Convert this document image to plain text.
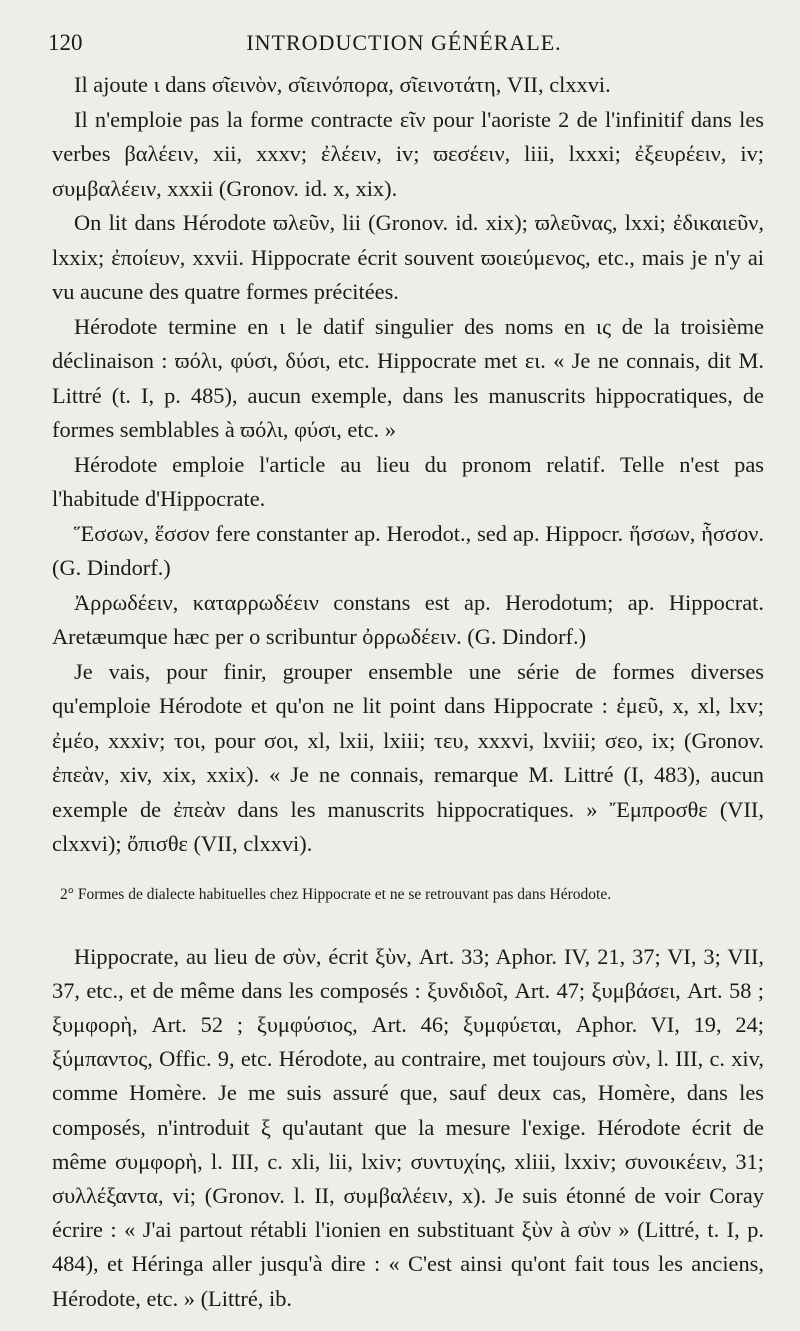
120	INTRODUCTION GÉNÉRALE.

Il ajoute ι dans σῖεινὸν, σῖεινόπορα, σῖεινοτάτη, VII, clxxvi.

Il n'emploie pas la forme contracte εῖν pour l'aoriste 2 de l'infinitif dans les verbes βαλέειν, xii, xxxv; ἐλέειν, iv; ϖεσέειν, liii, lxxxi; ἐξευρέειν, iv; συμβαλέειν, xxxii (Gronov. id. x, xix).

On lit dans Hérodote ϖλεῦν, lii (Gronov. id. xix); ϖλεῦνας, lxxi; ἐδικαιεῦν, lxxix; ἐποίευν, xxvii. Hippocrate écrit souvent ϖοιεύμενος, etc., mais je n'y ai vu aucune des quatre formes précitées.

Hérodote termine en ι le datif singulier des noms en ις de la troisième déclinaison : ϖόλι, φύσι, δύσι, etc. Hippocrate met ει. « Je ne connais, dit M. Littré (t. I, p. 485), aucun exemple, dans les manuscrits hippocratiques, de formes semblables à ϖόλι, φύσι, etc. »

Hérodote emploie l'article au lieu du pronom relatif. Telle n'est pas l'habitude d'Hippocrate.

Ἕσσων, ἕσσον fere constanter ap. Herodot., sed ap. Hippocr. ἥσσων, ἧσσον. (G. Dindorf.)

Ἀρρωδέειν, καταρρωδέειν constans est ap. Herodotum; ap. Hippocrat. Aretæumque hæc per ο scribuntur ὀρρωδέειν. (G. Dindorf.)

Je vais, pour finir, grouper ensemble une série de formes diverses qu'emploie Hérodote et qu'on ne lit point dans Hippocrate : ἐμεῦ, x, xl, lxv; ἐμέο, xxxiv; τοι, pour σοι, xl, lxii, lxiii; τευ, xxxvi, lxviii; σεο, ix; (Gronov. ἐπεὰν, xiv, xix, xxix). « Je ne connais, remarque M. Littré (I, 483), aucun exemple de ἐπεὰν dans les manuscrits hippocratiques. » Ἔμπροσθε (VII, clxxvi); ὄπισθε (VII, clxxvi).

2° Formes de dialecte habituelles chez Hippocrate et ne se retrouvant pas dans Hérodote.

Hippocrate, au lieu de σὺν, écrit ξὺν, Art. 33; Aphor. IV, 21, 37; VI, 3; VII, 37, etc., et de même dans les composés : ξυνδιδοῖ, Art. 47; ξυμβάσει, Art. 58 ; ξυμφορὴ, Art. 52 ; ξυμφύσιος, Art. 46; ξυμφύεται, Aphor. VI, 19, 24; ξύμπαντος, Offic. 9, etc. Hérodote, au contraire, met toujours σὺν, l. III, c. xiv, comme Homère. Je me suis assuré que, sauf deux cas, Homère, dans les composés, n'introduit ξ qu'autant que la mesure l'exige. Hérodote écrit de même συμφορὴ, l. III, c. xli, lii, lxiv; συντυχίης, xliii, lxxiv; συνοικέειν, 31; συλλέξαντα, vi; (Gronov. l. II, συμβαλέειν, x). Je suis étonné de voir Coray écrire : « J'ai partout rétabli l'ionien en substituant ξὺν à σὺν » (Littré, t. I, p. 484), et Héringa aller jusqu'à dire : « C'est ainsi qu'ont fait tous les anciens, Hérodote, etc. » (Littré, ib.
